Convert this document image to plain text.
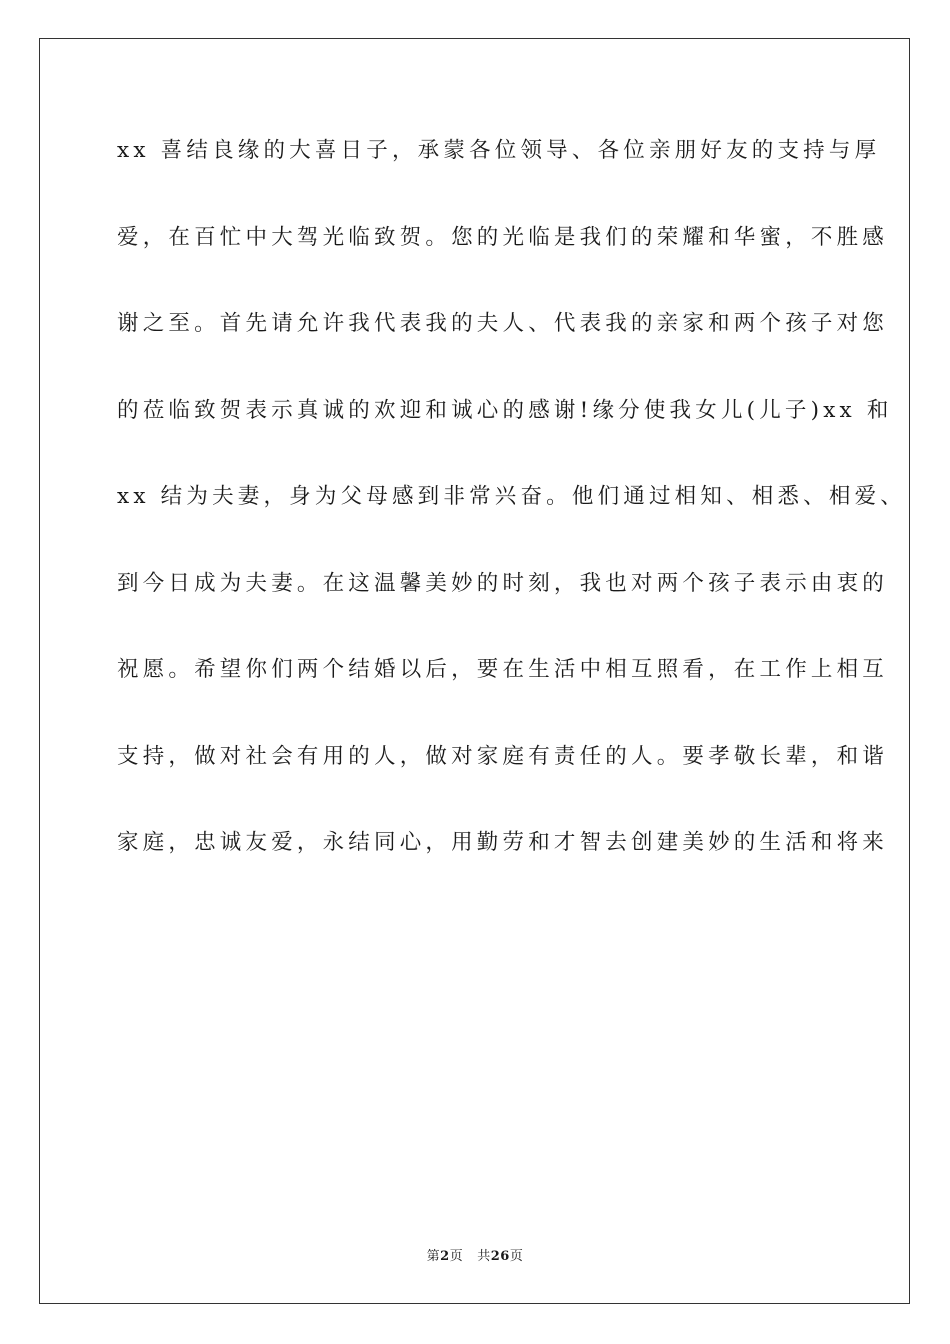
xx 喜结良缘的大喜日子，承蒙各位领导、各位亲朋好友的支持与厚
爱，在百忙中大驾光临致贺。您的光临是我们的荣耀和华蜜，不胜感
谢之至。首先请允许我代表我的夫人、代表我的亲家和两个孩子对您
的莅临致贺表示真诚的欢迎和诚心的感谢!缘分使我女儿(儿子)xx 和
xx 结为夫妻，身为父母感到非常兴奋。他们通过相知、相悉、相爱、
到今日成为夫妻。在这温馨美妙的时刻，我也对两个孩子表示由衷的
祝愿。希望你们两个结婚以后，要在生活中相互照看，在工作上相互
支持，做对社会有用的人，做对家庭有责任的人。要孝敬长辈，和谐
家庭，忠诚友爱，永结同心，用勤劳和才智去创建美妙的生活和将来
第2页 共26页
